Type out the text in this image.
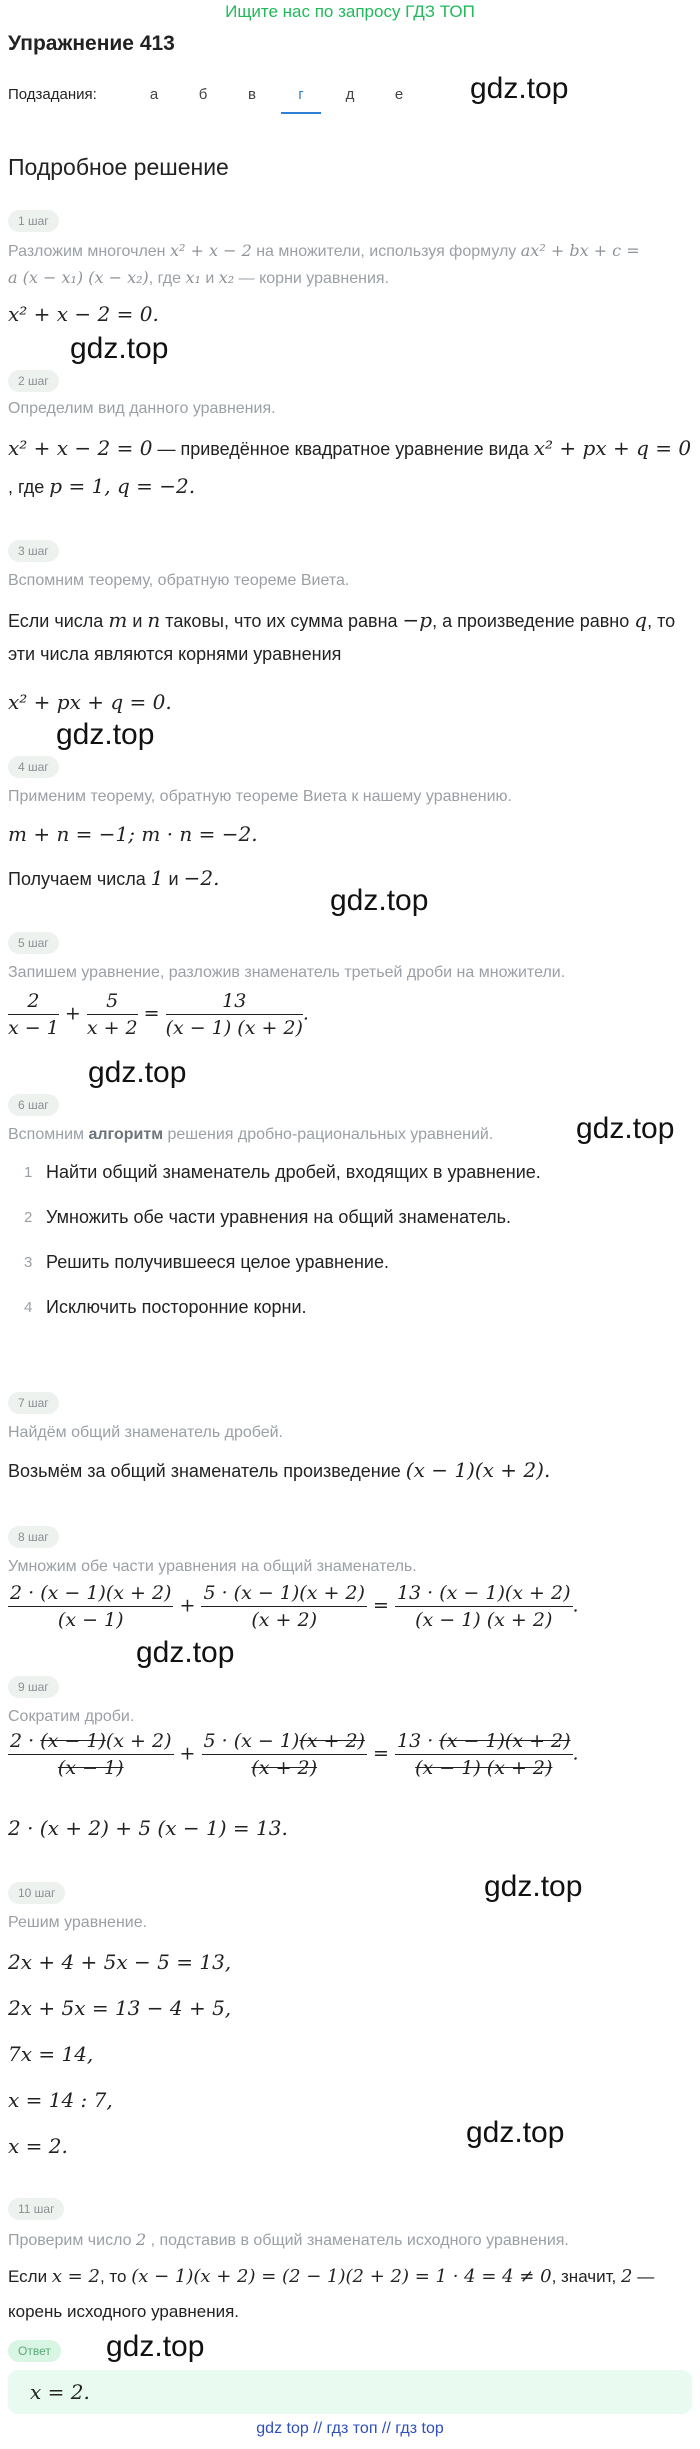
Ищите нас по запросу ГДЗ ТОП
Упражнение 413
Подзадания:	а	б	в	г	д	е	gdz.top
Подробное решение
1 шаг
Разложим многочлен x² + x − 2 на множители, используя формулу ax² + bx + c =
a (x − x₁) (x − x₂), где x₁ и x₂ — корни уравнения.
x² + x − 2 = 0.
gdz.top
2 шаг
Определим вид данного уравнения.
x² + x − 2 = 0 — приведённое квадратное уравнение вида x² + px + q = 0
, где p = 1, q = −2.
3 шаг
Вспомним теорему, обратную теореме Виета.
Если числа m и n таковы, что их сумма равна −p, а произведение равно q, то
эти числа являются корнями уравнения
x² + px + q = 0.
gdz.top
4 шаг
Применим теорему, обратную теореме Виета к нашему уравнению.
m + n = −1; m · n = −2.
Получаем числа 1 и −2.
gdz.top
5 шаг
Запишем уравнение, разложив знаменатель третьей дроби на множители.
$\frac{2}{x - 1} + \frac{5}{x + 2} = \frac{13}{(x - 1) (x + 2)}$ .
gdz.top
6 шаг
Вспомним алгоритм решения дробно-рациональных уравнений.	gdz.top
1 Найти общий знаменатель дробей, входящих в уравнение.
2 Умножить обе части уравнения на общий знаменатель.
3 Решить получившееся целое уравнение.
4 Исключить посторонние корни.
7 шаг
Найдём общий знаменатель дробей.
Возьмём за общий знаменатель произведение (x − 1)(x + 2).
8 шаг
Умножим обе части уравнения на общий знаменатель.
$\frac{2 \cdot (x - 1)(x + 2)}{(x - 1)} + \frac{5 \cdot (x - 1)(x + 2)}{(x + 2)} = \frac{13 \cdot (x - 1)(x + 2)}{(x - 1) (x + 2)}$ .
gdz.top
9 шаг
Сократим дроби.
$\frac{2 \cdot (x - 1)(x + 2)}{(x - 1)} + \frac{5 \cdot (x - 1)(x + 2)}{(x + 2)} = \frac{13 \cdot (x - 1)(x + 2)}{(x - 1) (x + 2)}$ .
2 · (x + 2) + 5 (x − 1) = 13.
10 шаг	gdz.top
Решим уравнение.
2x + 4 + 5x − 5 = 13,
2x + 5x = 13 − 4 + 5,
7x = 14,
x = 14 : 7,
gdz.top
x = 2.
11 шаг
Проверим число 2 , подставив в общий знаменатель исходного уравнения.
Если x = 2, то (x − 1)(x + 2) = (2 − 1)(2 + 2) = 1 · 4 = 4 ≠ 0, значит, 2 —
корень исходного уравнения.
Ответ	gdz.top
x = 2.
gdz top // гдз топ // гдз top
